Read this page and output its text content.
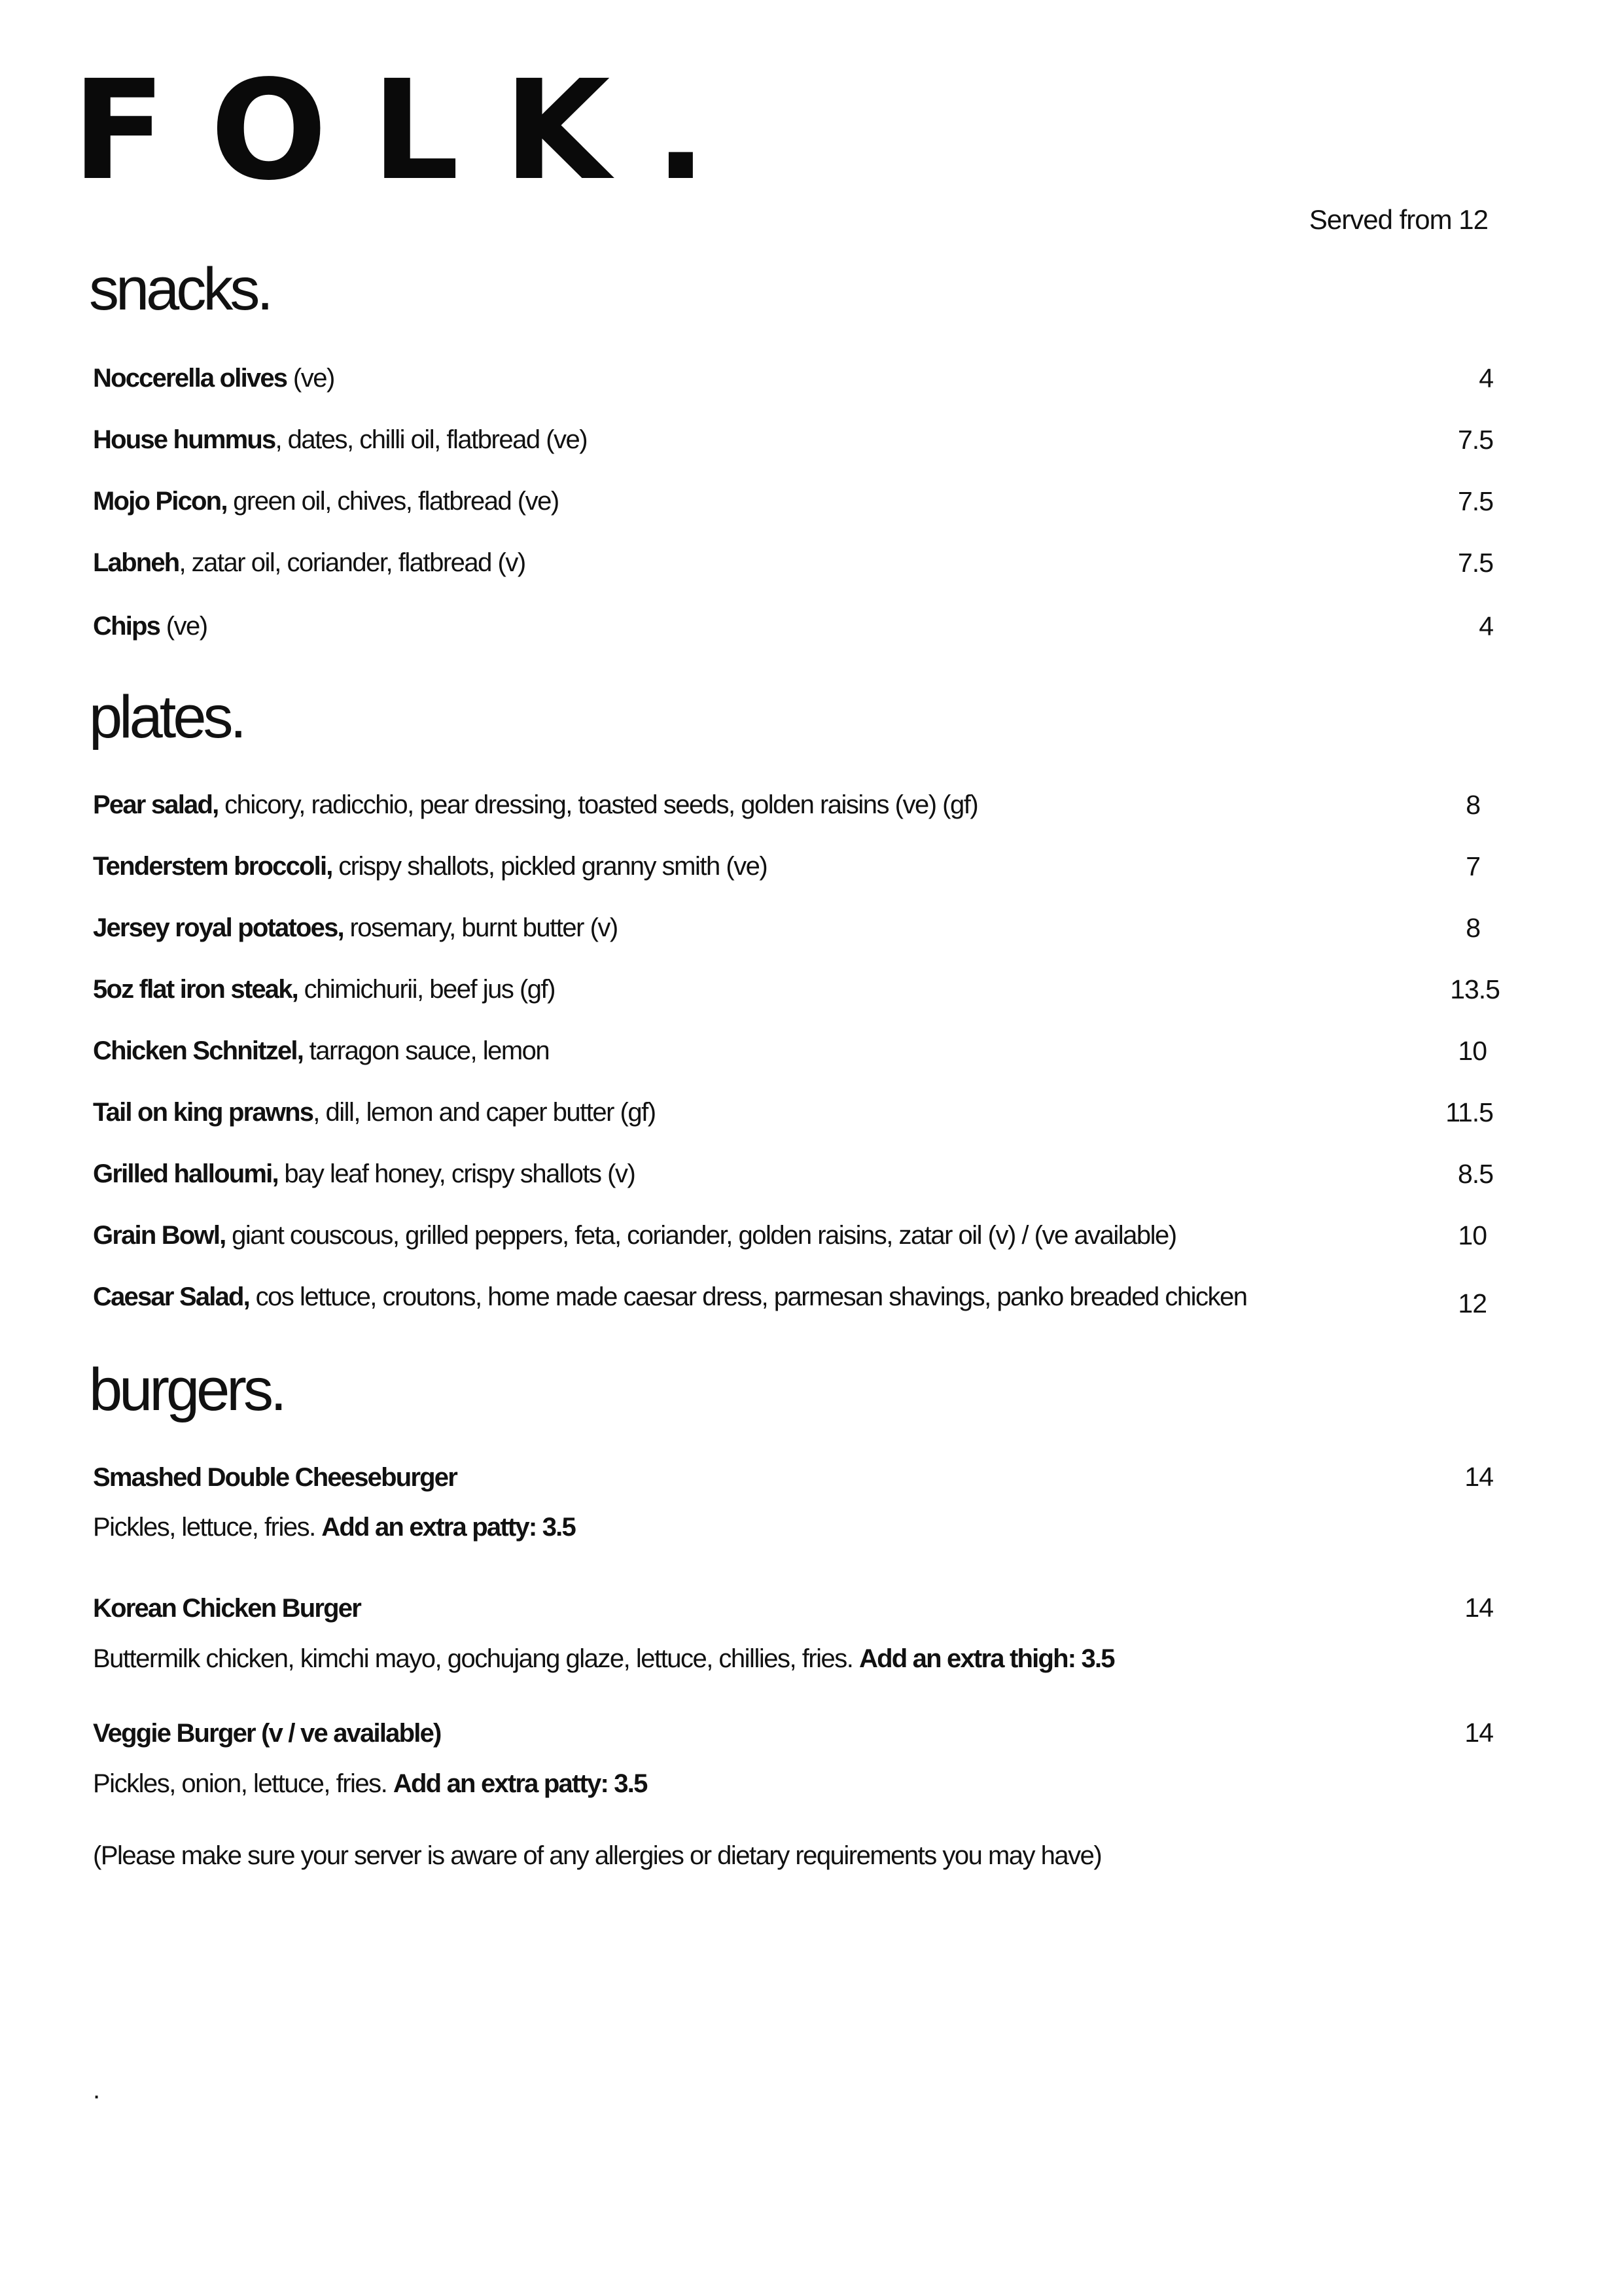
FOLK.
Served from 12
snacks.
Noccerella olives (ve)	4
House hummus, dates, chilli oil, flatbread (ve)	7.5
Mojo Picon, green oil, chives, flatbread (ve)	7.5
Labneh, zatar oil, coriander, flatbread (v)	7.5
Chips (ve)	4
plates.
Pear salad, chicory, radicchio, pear dressing, toasted seeds, golden raisins (ve) (gf)	8
Tenderstem broccoli, crispy shallots, pickled granny smith (ve)	7
Jersey royal potatoes, rosemary, burnt butter (v)	8
5oz flat iron steak, chimichurii, beef jus (gf)	13.5
Chicken Schnitzel, tarragon sauce, lemon	10
Tail on king prawns, dill, lemon and caper butter (gf)	11.5
Grilled halloumi, bay leaf honey, crispy shallots (v)	8.5
Grain Bowl, giant couscous, grilled peppers, feta, coriander, golden raisins, zatar oil (v) / (ve available)	10
Caesar Salad, cos lettuce, croutons, home made caesar dress, parmesan shavings, panko breaded chicken	12
burgers.
Smashed Double Cheeseburger	14
Pickles, lettuce, fries. Add an extra patty: 3.5
Korean Chicken Burger	14
Buttermilk chicken, kimchi mayo, gochujang glaze, lettuce, chillies, fries. Add an extra thigh: 3.5
Veggie Burger (v / ve available)	14
Pickles, onion, lettuce, fries. Add an extra patty: 3.5
(Please make sure your server is aware of any allergies or dietary requirements you may have)
.
